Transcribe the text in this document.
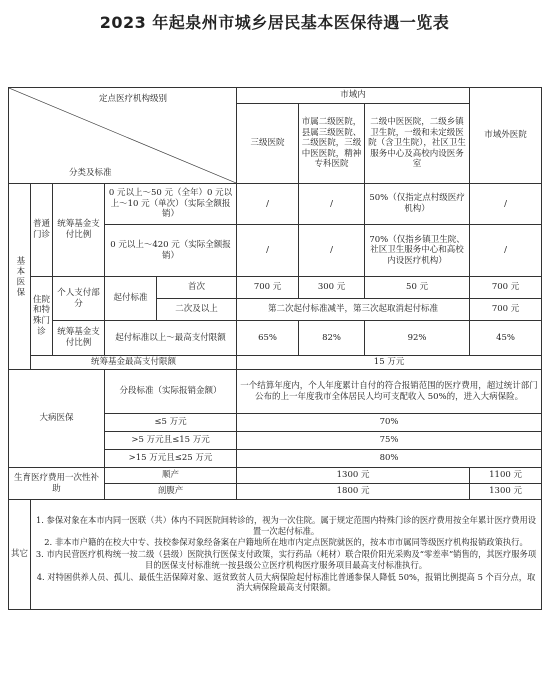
2023 年起泉州市城乡居民基本医保待遇一览表
定点医疗机构级别
分类及标准					市域内			市域外医院
					三级医院	市属二级医院，县属三级医院、二级医院，三级中医医院，精神专科医院	二级中医医院，二级乡镇卫生院，一级和未定级医院（含卫生院），社区卫生服务中心及高校内设医务室	

基本医保	普通门诊	统筹基金支付比例	0 元以上～50 元（全年）0 元以上～10 元（单次）（实际全额报销）		/	/	50%（仅指定点村级医疗机构）	/
			0 元以上～420 元（实际全额报销）		/	/	70%（仅指乡镇卫生院、社区卫生服务中心和高校内设医疗机构）	/
	住院和特殊门诊	个人支付部分	起付标准	首次	700 元	300 元	50 元	700 元
				二次及以上	第二次起付标准减半，第三次起取消起付标准			700 元
		统筹基金支付比例	起付标准以上～最高支付限额		65%	82%	92%	45%
	统筹基金最高支付限额				15 万元			
大病医保			分段标准（实际报销金额）		一个结算年度内，个人年度累计自付的符合报销范围的医疗费用，超过统计部门公布的上一年度我市全体居民人均可支配收入 50%的，进入大病保险。			
			≤5 万元		70%			
			>5 万元且≤15 万元		75%			
			>15 万元且≤25 万元		80%			
生育医疗费用一次性补助			顺产		1300 元			1100 元
			剖腹产		1800 元			1300 元
其它	1. 参保对象在本市内同一医联（共）体内不同医院间转诊的，视为一次住院。属于规定范围内特殊门诊的医疗费用按全年累计医疗费用设置一次起付标准。

2. 非本市户籍的在校大中专、技校参保对象经备案在户籍地所在地市内定点医院就医的，按本市市属同等级医疗机构报销政策执行。

3. 市内民营医疗机构统一按二级（县级）医院执行医保支付政策，实行药品（耗材）联合限价阳光采购及“零差率”销售的，其医疗服务项目的医保支付标准统一按县级公立医疗机构医疗服务项目最高支付标准执行。

4. 对特困供养人员、孤儿、最低生活保障对象、返贫致贫人员大病保险起付标准比普通参保人降低 50%，报销比例提高 5 个百分点，取消大病保险最高支付限额。							
